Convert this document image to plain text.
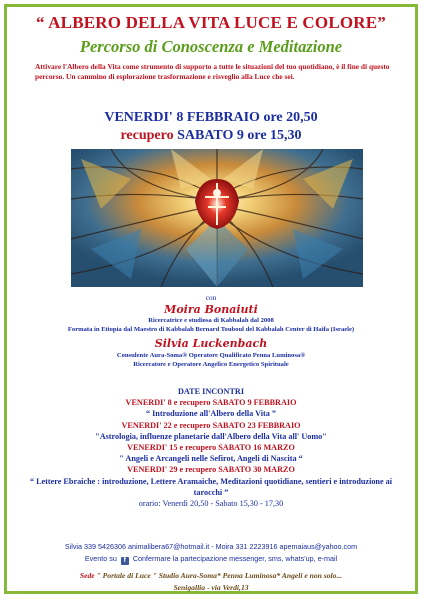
“ ALBERO DELLA VITA LUCE E COLORE”
Percorso di Conoscenza e Meditazione
Attivare l'Albero della Vita come strumento di supporto a tutte le situazioni del tuo quotidiano, è il fine di questo percorso. Un cammino di esplorazione trasformazione e risveglio alla Luce che sei.
VENERDI' 8 FEBBRAIO ore 20,50
recupero SABATO 9 ore 15,30
con
Moira Bonaiuti
Ricercatrice e studiosa di Kabbalah dal 2008
Formata in Etiopia dal Maestro di Kabbalah Bernard Touboul del Kabbalah Center di Haifa (Israele)
Silvia Luckenbach
Consulente Aura-Soma® Operatore Qualificato Penna Luminosa®
Ricercatore e Operatore Angelico Energetico Spirituale
DATE INCONTRI
VENERDI' 8 e recupero SABATO 9 FEBBRAIO
“ Introduzione all'Albero della Vita ”
VENERDI' 22 e recupero SABATO 23 FEBBRAIO
"Astrologia, influenze planetarie dall'Albero della Vita all' Uomo"
VENERDI' 15 e recupero SABATO 16 MARZO
" Angeli e Arcangeli nelle Sefirot, Angeli di Nascita “
VENERDI' 29 e recupero SABATO 30 MARZO
“ Lettere Ebraiche : introduzione, Lettere Aramaiche, Meditazioni quotidiane, sentieri e introduzione ai tarocchi ”
orario: Venerdì 20,50 - Sabato 15,30 - 17,30
Silvia 339 5426306 animalibera67@hotmail.it - Moira 331 2223916 apemaiaus@yahoo.com
Evento su f Confermare la partecipazione messenger, sms, whats'up, e-mail
Sede " Portale di Luce " Studio Aura-Soma* Penna Luminosa* Angeli e non solo...
Senigallia - via Verdi,13
